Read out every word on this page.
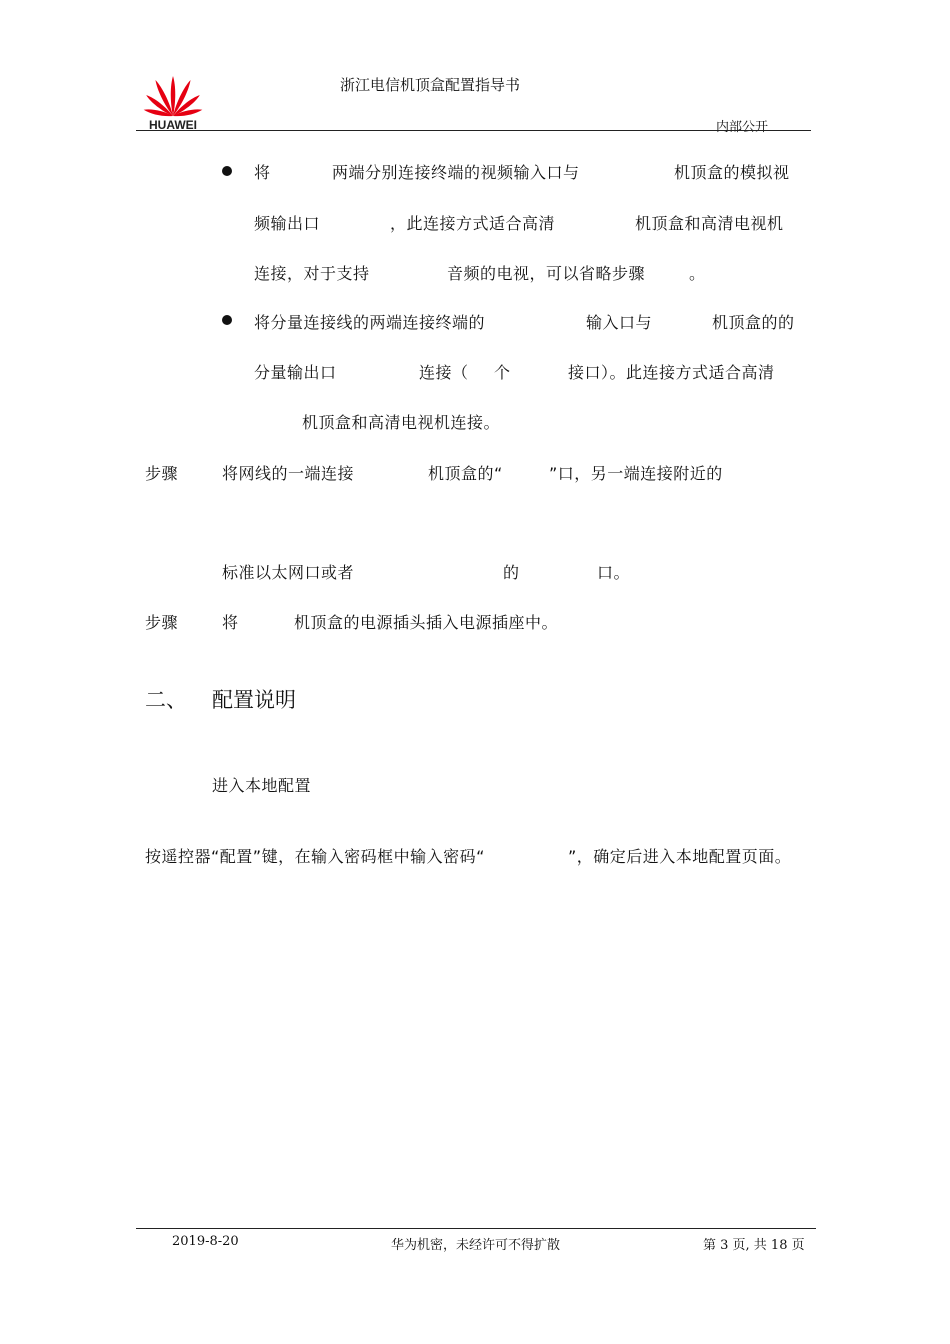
HUAWEI
浙江电信机顶盒配置指导书
内部公开
将	两端分别连接终端的视频输入口与	机顶盒的模拟视
频输出口	，此连接方式适合高清	机顶盒和高清电视机
连接，对于支持	音频的电视，可以省略步骤	。
将分量连接线的两端连接终端的	输入口与	机顶盒的的
分量输出口	连接（ 个	接口）。此连接方式适合高清
机顶盒和高清电视机连接。
步骤	将网线的一端连接	机顶盒的“	”口，另一端连接附近的
标准以太网口或者	的	口。
步骤	将	机顶盒的电源插头插入电源插座中。
二、 配置说明
进入本地配置
按遥控器“配置”键，在输入密码框中输入密码“	”，确定后进入本地配置页面。
2019-8-20	华为机密，未经许可不得扩散	第 3 页, 共 18 页
